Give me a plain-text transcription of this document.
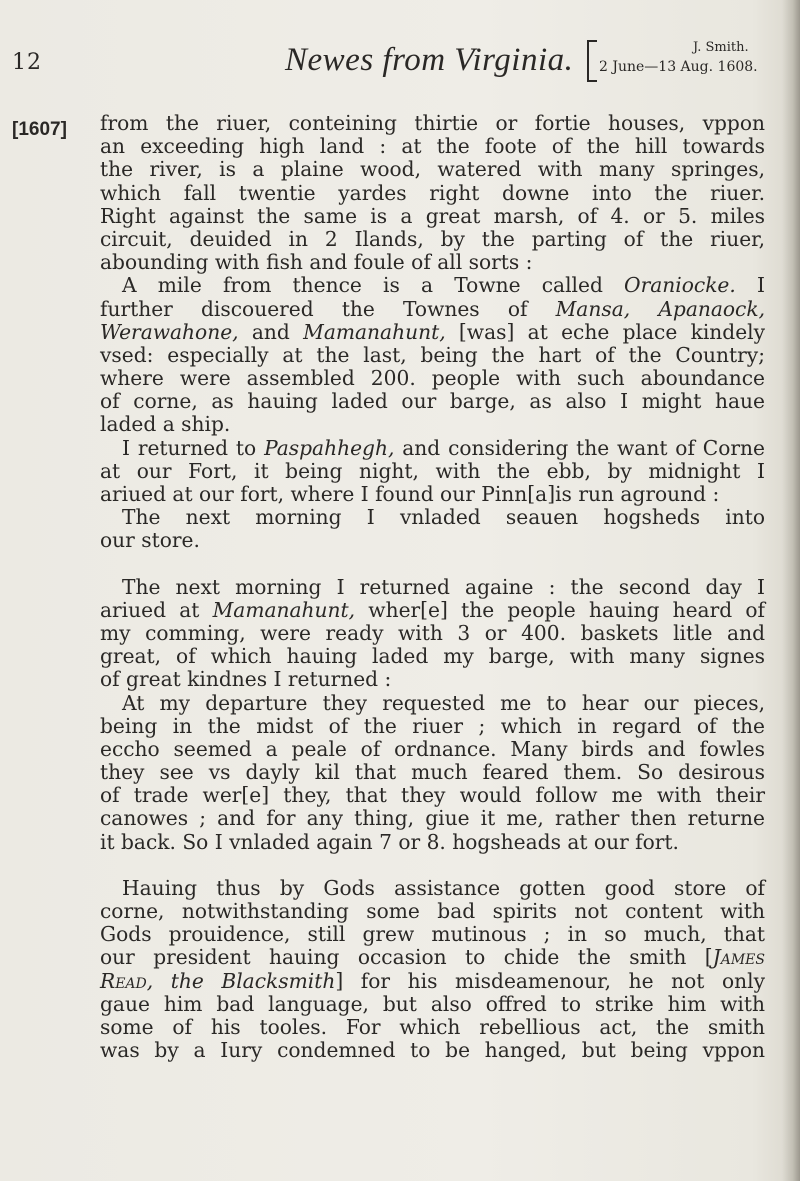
12	Newes from Virginia.	J. Smith.
2 June—13 Aug. 1608.
[1607] from the riuer, conteining thirtie or fortie houses, vppon
an exceeding high land : at the foote of the hill towards
the river, is a plaine wood, watered with many springes,
which fall twentie yardes right downe into the riuer.
Right against the same is a great marsh, of 4. or 5. miles
circuit, deuided in 2 Ilands, by the parting of the riuer,
abounding with fish and foule of all sorts :
A mile from thence is a Towne called Oraniocke. I
further discouered the Townes of Mansa, Apanaock,
Werawahone, and Mamanahunt, [was] at eche place kindely
vsed: especially at the last, being the hart of the Country;
where were assembled 200. people with such aboundance
of corne, as hauing laded our barge, as also I might haue
laded a ship.
I returned to Paspahhegh, and considering the want of Corne
at our Fort, it being night, with the ebb, by midnight I
ariued at our fort, where I found our Pinn[a]is run aground :
The next morning I vnladed seauen hogsheds into
our store.
The next morning I returned againe : the second day I
ariued at Mamanahunt, wher[e] the people hauing heard of
my comming, were ready with 3 or 400. baskets litle and
great, of which hauing laded my barge, with many signes
of great kindnes I returned :
At my departure they requested me to hear our pieces,
being in the midst of the riuer ; which in regard of the
eccho seemed a peale of ordnance. Many birds and fowles
they see vs dayly kil that much feared them. So desirous
of trade wer[e] they, that they would follow me with their
canowes ; and for any thing, giue it me, rather then returne
it back. So I vnladed again 7 or 8. hogsheads at our fort.
Hauing thus by Gods assistance gotten good store of
corne, notwithstanding some bad spirits not content with
Gods prouidence, still grew mutinous ; in so much, that
our president hauing occasion to chide the smith [James
Read, the Blacksmith] for his misdeamenour, he not only
gaue him bad language, but also offred to strike him with
some of his tooles. For which rebellious act, the smith
was by a Iury condemned to be hanged, but being vppon
